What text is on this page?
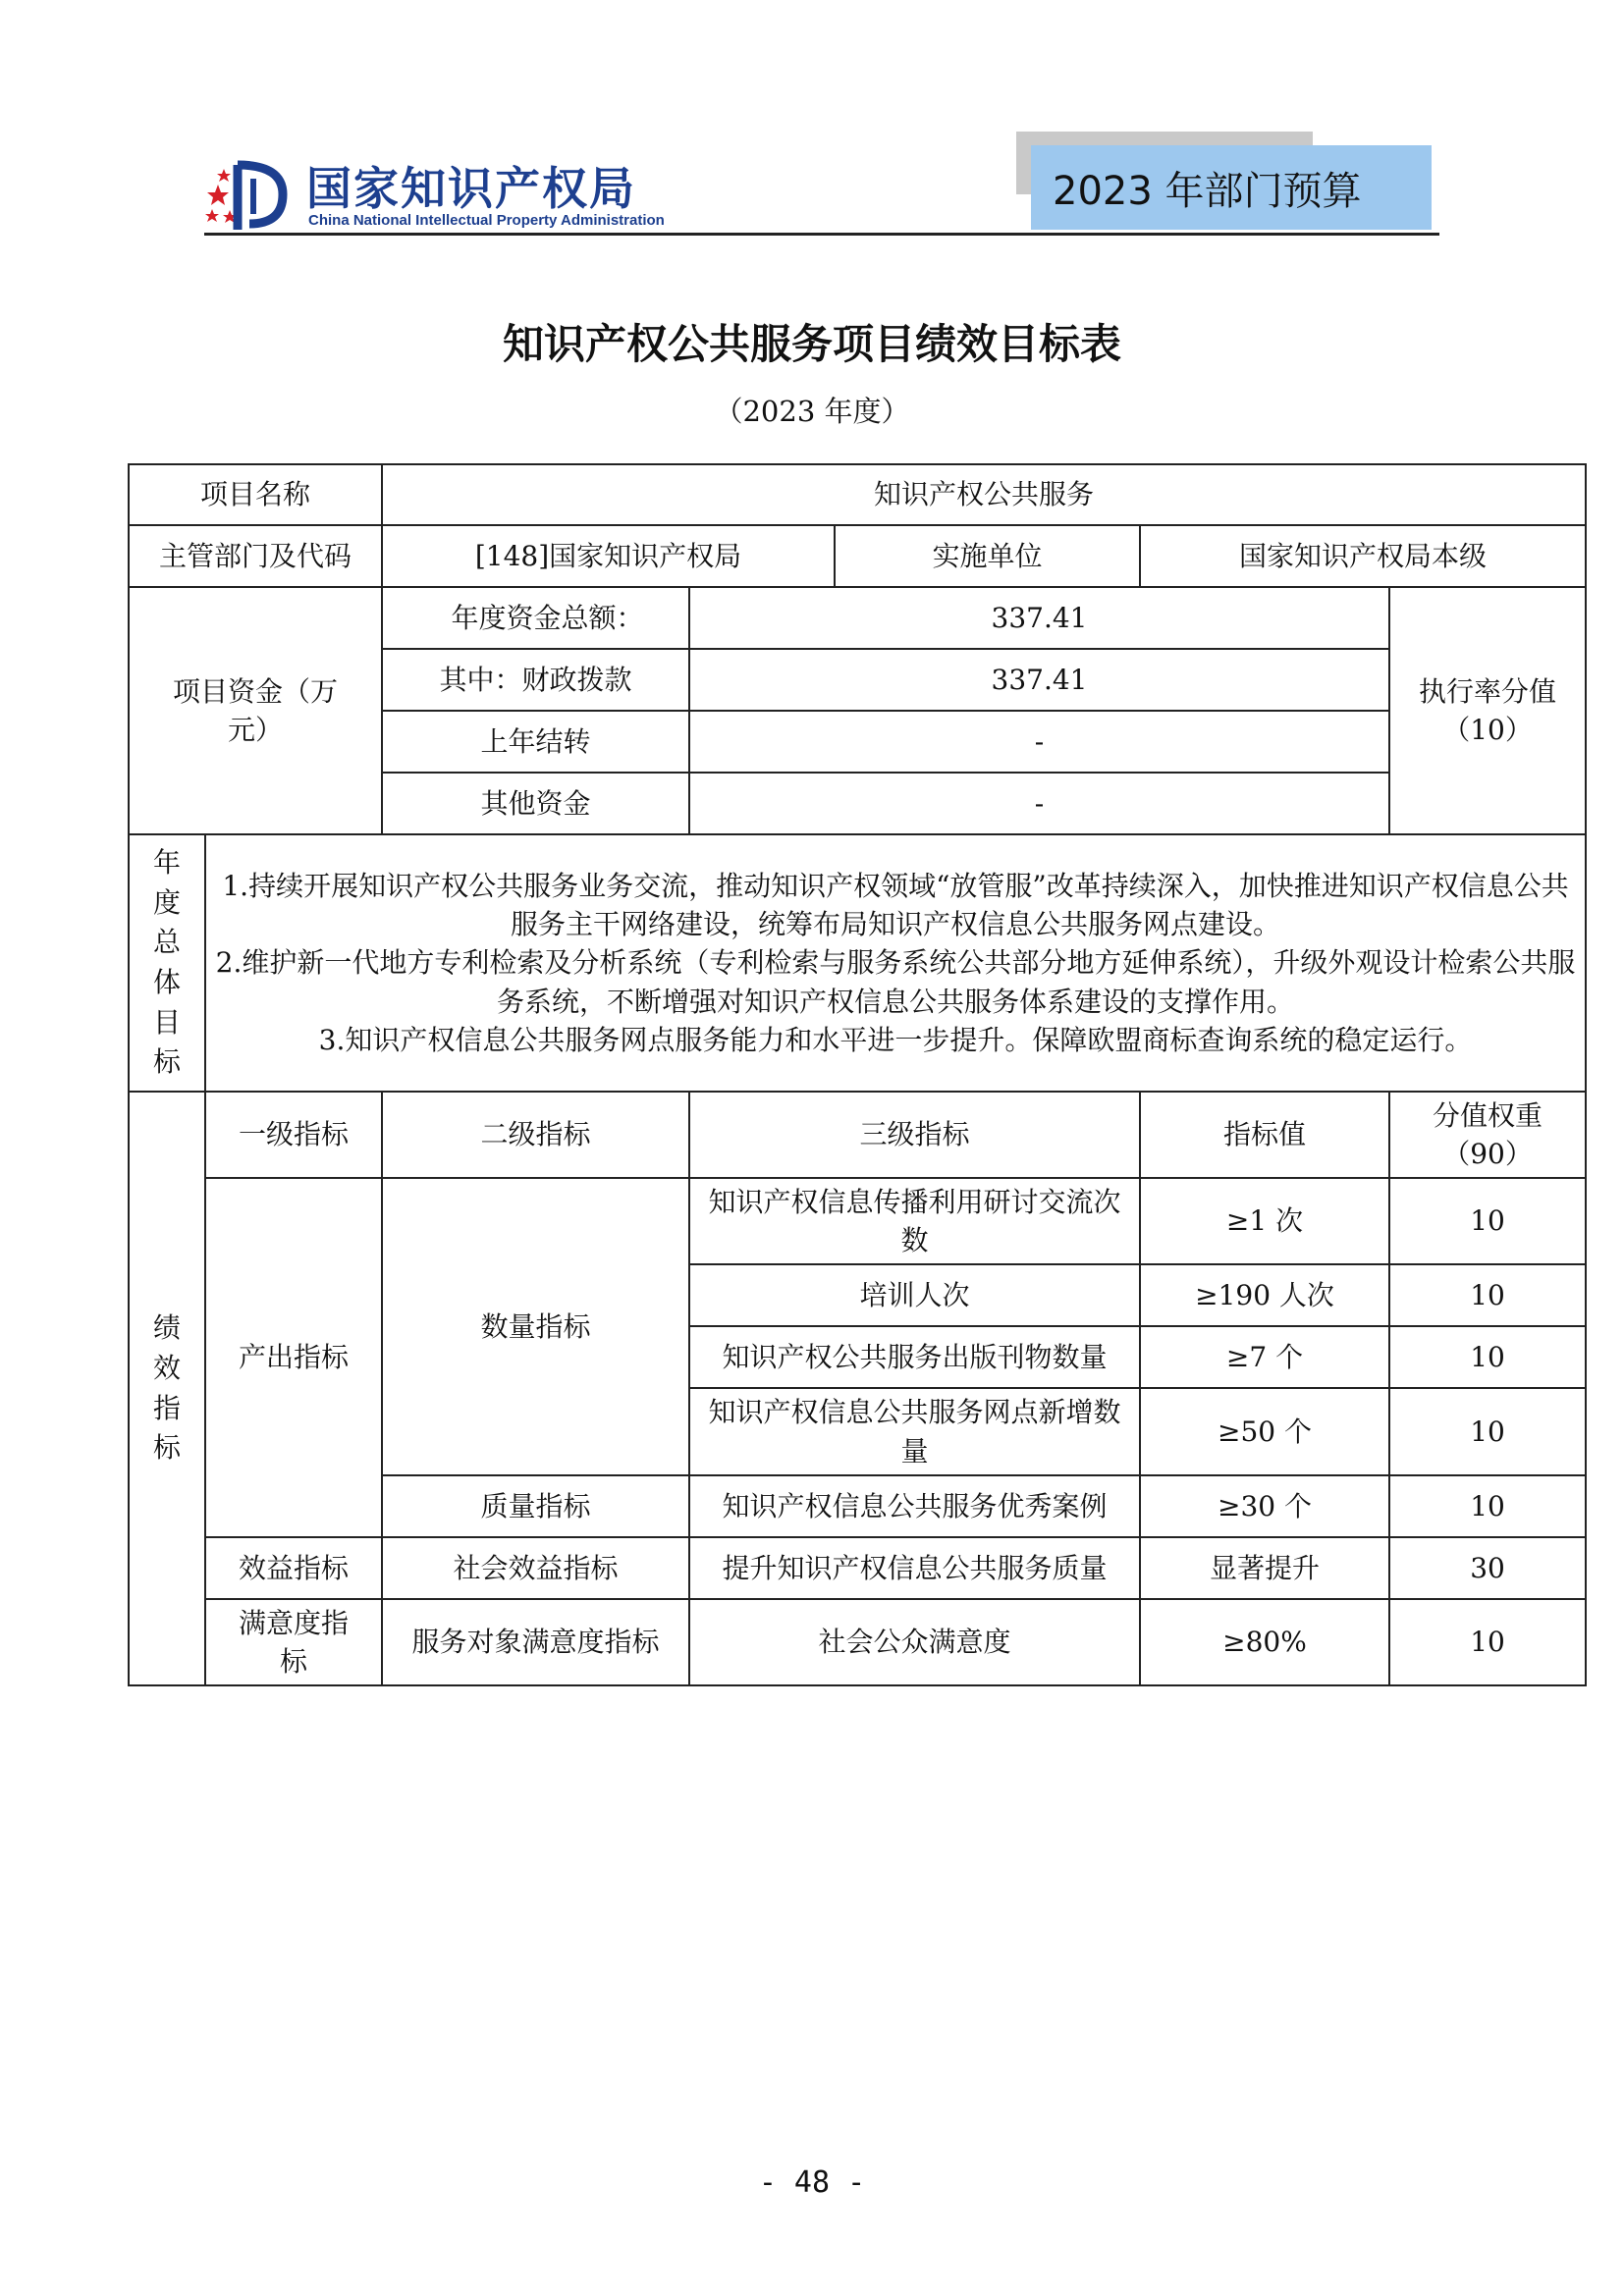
国家知识产权局
China National Intellectual Property Administration
2023 年部门预算
知识产权公共服务项目绩效目标表
（2023 年度）
项目名称		知识产权公共服务				
主管部门及代码		[148]国家知识产权局		实施单位	国家知识产权局本级	
项目资金（万元）		年度资金总额：	337.41			执行率分值（10）
		其中：财政拨款	337.41			
		上年结转	-			
		其他资金	-			
年度总体目标	1.持续开展知识产权公共服务业务交流，推动知识产权领域“放管服”改革持续深入，加快推进知识产权信息公共服务主干网络建设，统筹布局知识产权信息公共服务网点建设。
2.维护新一代地方专利检索及分析系统（专利检索与服务系统公共部分地方延伸系统），升级外观设计检索公共服务系统，不断增强对知识产权信息公共服务体系建设的支撑作用。
3.知识产权信息公共服务网点服务能力和水平进一步提升。保障欧盟商标查询系统的稳定运行。					

绩效指标	一级指标	二级指标	三级指标		指标值	分值权重（90）
	产出指标	数量指标	知识产权信息传播利用研讨交流次数		≥1 次	10
			培训人次		≥190 人次	10
			知识产权公共服务出版刊物数量		≥7 个	10
			知识产权信息公共服务网点新增数量		≥50 个	10
		质量指标	知识产权信息公共服务优秀案例		≥30 个	10
	效益指标	社会效益指标	提升知识产权信息公共服务质量		显著提升	30
	满意度指标	服务对象满意度指标	社会公众满意度		≥80%	10
- 48 -
